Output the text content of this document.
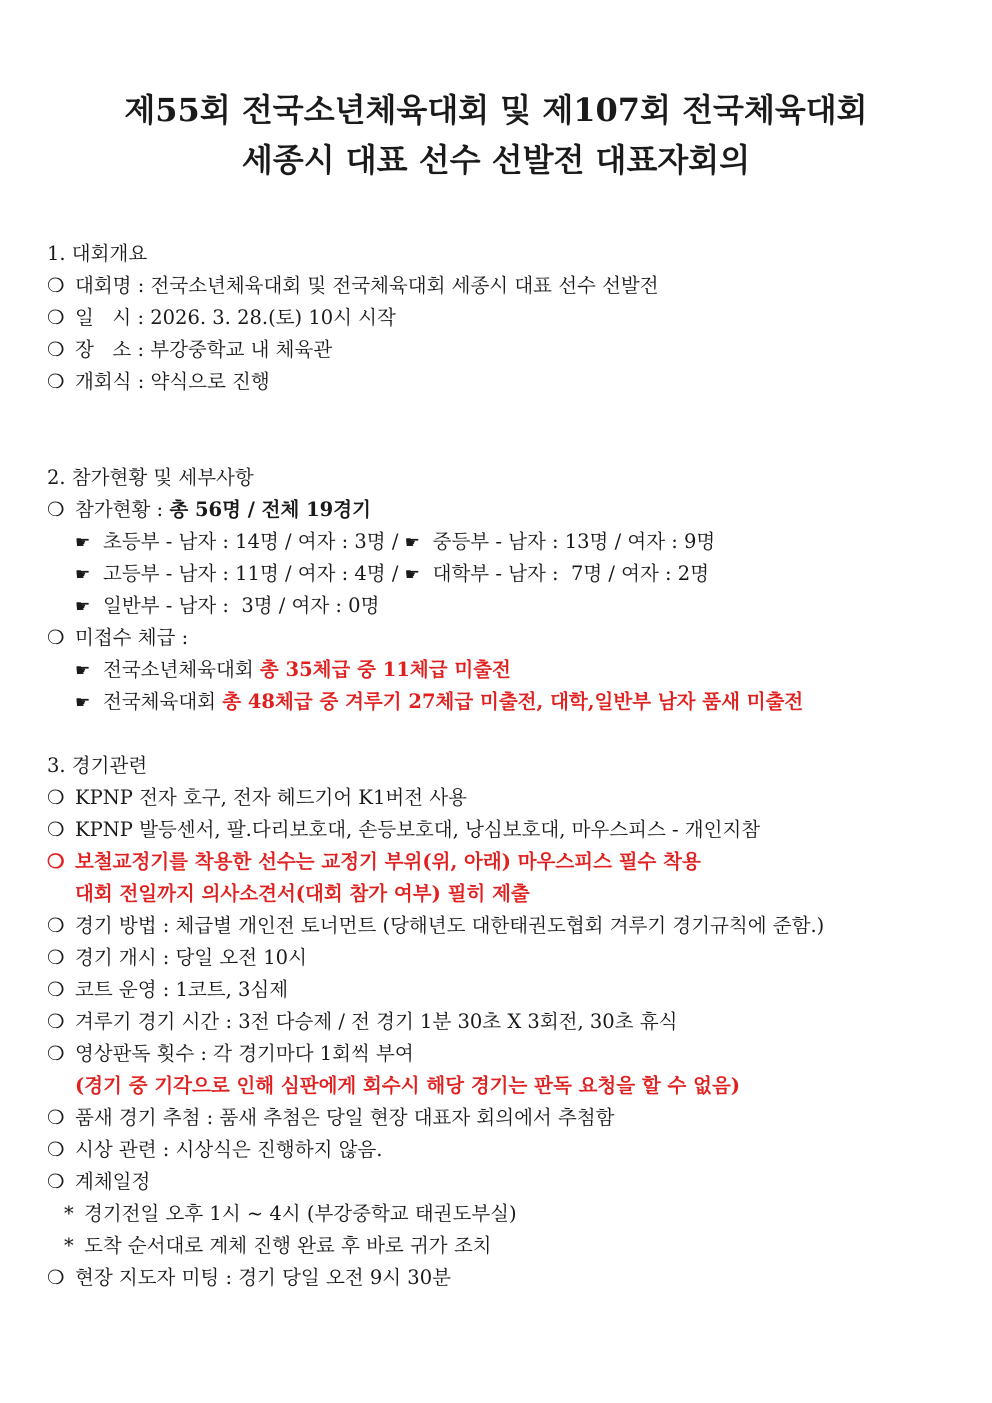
제55회 전국소년체육대회 및 제107회 전국체육대회
세종시 대표 선수 선발전 대표자회의
1. 대회개요
❍ 대회명 : 전국소년체육대회 및 전국체육대회 세종시 대표 선수 선발전
❍ 일   시 : 2026. 3. 28.(토) 10시 시작
❍ 장   소 : 부강중학교 내 체육관
❍ 개회식 : 약식으로 진행
2. 참가현황 및 세부사항
❍ 참가현황 : 총 56명 / 전체 19경기
☛ 초등부 - 남자 : 14명 / 여자 : 3명 / ☛ 중등부 - 남자 : 13명 / 여자 : 9명
☛ 고등부 - 남자 : 11명 / 여자 : 4명 / ☛ 대학부 - 남자 :  7명 / 여자 : 2명
☛ 일반부 - 남자 :  3명 / 여자 : 0명
❍ 미접수 체급 :
☛ 전국소년체육대회 총 35체급 중 11체급 미출전
☛ 전국체육대회 총 48체급 중 겨루기 27체급 미출전, 대학,일반부 남자 품새 미출전
3. 경기관련
❍ KPNP 전자 호구, 전자 헤드기어 K1버전 사용
❍ KPNP 발등센서, 팔.다리보호대, 손등보호대, 낭심보호대, 마우스피스 - 개인지참
❍ 보철교정기를 착용한 선수는 교정기 부위(위, 아래) 마우스피스 필수 착용
대회 전일까지 의사소견서(대회 참가 여부) 필히 제출
❍ 경기 방법 : 체급별 개인전 토너먼트 (당해년도 대한태권도협회 겨루기 경기규칙에 준함.)
❍ 경기 개시 : 당일 오전 10시
❍ 코트 운영 : 1코트, 3심제
❍ 겨루기 경기 시간 : 3전 다승제 / 전 경기 1분 30초 X 3회전, 30초 휴식
❍ 영상판독 횟수 : 각 경기마다 1회씩 부여
(경기 중 기각으로 인해 심판에게 회수시 해당 경기는 판독 요청을 할 수 없음)
❍ 품새 경기 추첨 : 품새 추첨은 당일 현장 대표자 회의에서 추첨함
❍ 시상 관련 : 시상식은 진행하지 않음.
❍ 계체일정
* 경기전일 오후 1시 ~ 4시 (부강중학교 태권도부실)
* 도착 순서대로 계체 진행 완료 후 바로 귀가 조치
❍ 현장 지도자 미팅 : 경기 당일 오전 9시 30분
